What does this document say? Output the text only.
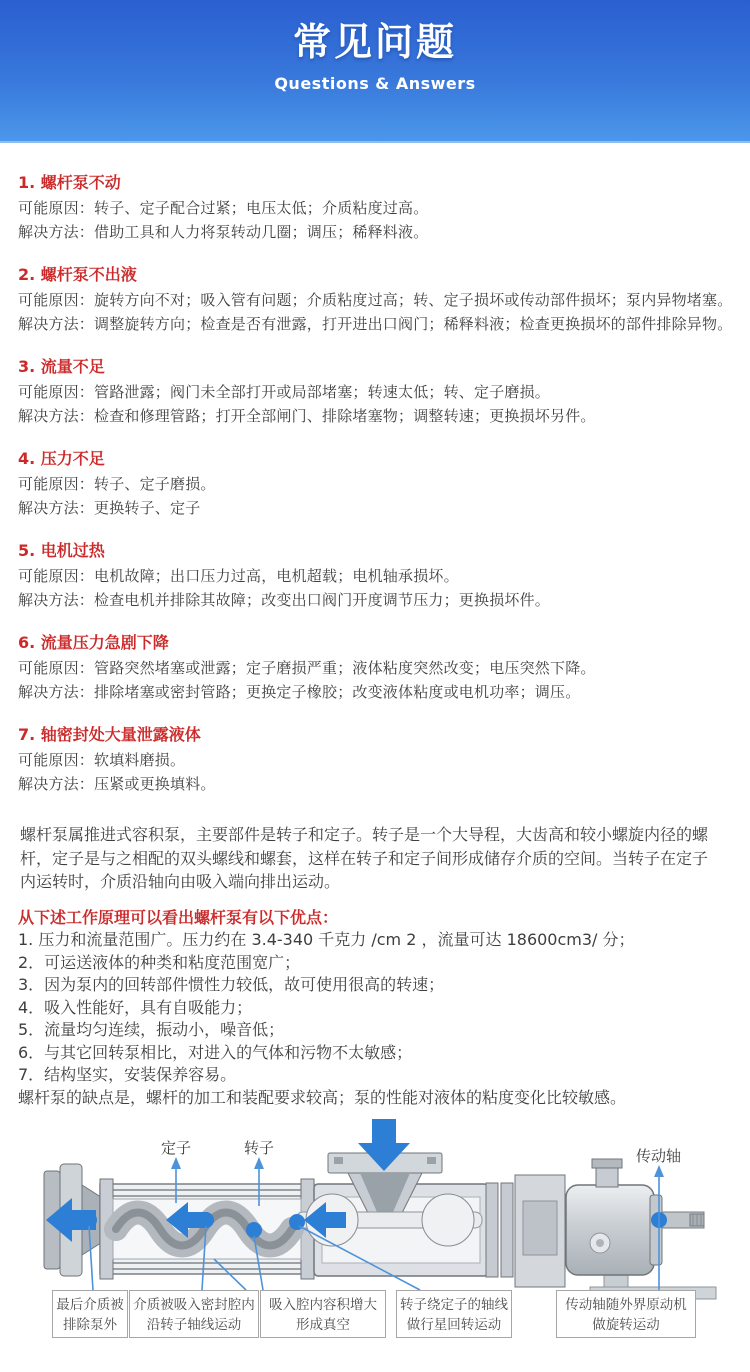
常见问题
Questions & Answers
1. 螺杆泵不动
可能原因：转子、定子配合过紧；电压太低；介质粘度过高。
解决方法：借助工具和人力将泵转动几圈；调压；稀释料液。
2. 螺杆泵不出液
可能原因：旋转方向不对；吸入管有问题；介质粘度过高；转、定子损坏或传动部件损坏；泵内异物堵塞。
解决方法：调整旋转方向；检查是否有泄露，打开进出口阀门；稀释料液；检查更换损坏的部件排除异物。
3. 流量不足
可能原因：管路泄露；阀门未全部打开或局部堵塞；转速太低；转、定子磨损。
解决方法：检查和修理管路；打开全部闸门、排除堵塞物；调整转速；更换损坏另件。
4. 压力不足
可能原因：转子、定子磨损。
解决方法：更换转子、定子
5. 电机过热
可能原因：电机故障；出口压力过高，电机超载；电机轴承损坏。
解决方法：检查电机并排除其故障；改变出口阀门开度调节压力；更换损坏件。
6. 流量压力急剧下降
可能原因：管路突然堵塞或泄露；定子磨损严重；液体粘度突然改变；电压突然下降。
解决方法：排除堵塞或密封管路；更换定子橡胶；改变液体粘度或电机功率；调压。
7. 轴密封处大量泄露液体
可能原因：软填料磨损。
解决方法：压紧或更换填料。
螺杆泵属推进式容积泵，主要部件是转子和定子。转子是一个大导程，大齿高和较小螺旋内径的螺杆，定子是与之相配的双头螺线和螺套，这样在转子和定子间形成储存介质的空间。当转子在定子内运转时，介质沿轴向由吸入端向排出运动。
从下述工作原理可以看出螺杆泵有以下优点：
1. 压力和流量范围广。压力约在 3.4-340 千克力 /cm 2 ，流量可达 18600cm3/ 分；
2．可运送液体的种类和粘度范围宽广；
3．因为泵内的回转部件惯性力较低，故可使用很高的转速；
4．吸入性能好，具有自吸能力；
5．流量均匀连续，振动小，噪音低；
6．与其它回转泵相比，对进入的气体和污物不太敏感；
7．结构坚实，安装保养容易。
螺杆泵的缺点是，螺杆的加工和装配要求较高；泵的性能对液体的粘度变化比较敏感。
定子	转子	传动轴
最后介质被
排除泵外
介质被吸入密封腔内
沿转子轴线运动
吸入腔内容积增大
形成真空
转子绕定子的轴线
做行星回转运动
传动轴随外界原动机
做旋转运动
